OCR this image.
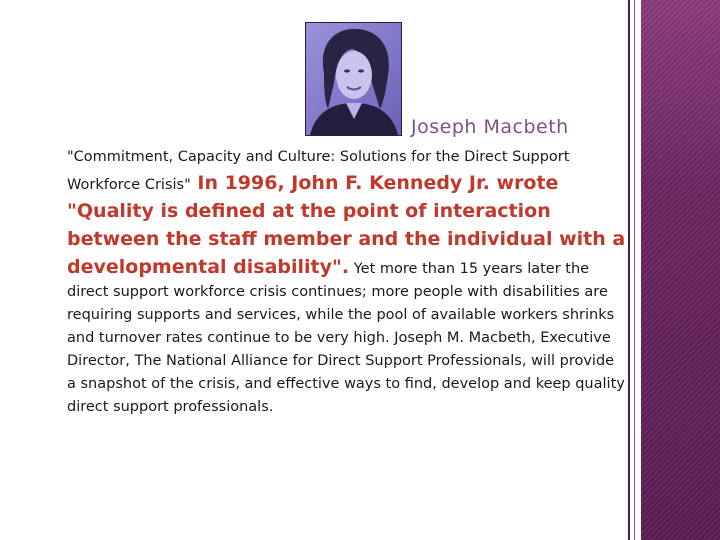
Joseph Macbeth
"Commitment, Capacity and Culture: Solutions for the Direct Support Workforce Crisis" In 1996, John F. Kennedy Jr. wrote "Quality is defined at the point of interaction between the staff member and the individual with a developmental disability". Yet more than 15 years later the direct support workforce crisis continues; more people with disabilities are requiring supports and services, while the pool of available workers shrinks and turnover rates continue to be very high. Joseph M. Macbeth, Executive Director, The National Alliance for Direct Support Professionals, will provide a snapshot of the crisis, and effective ways to find, develop and keep quality direct support professionals.
